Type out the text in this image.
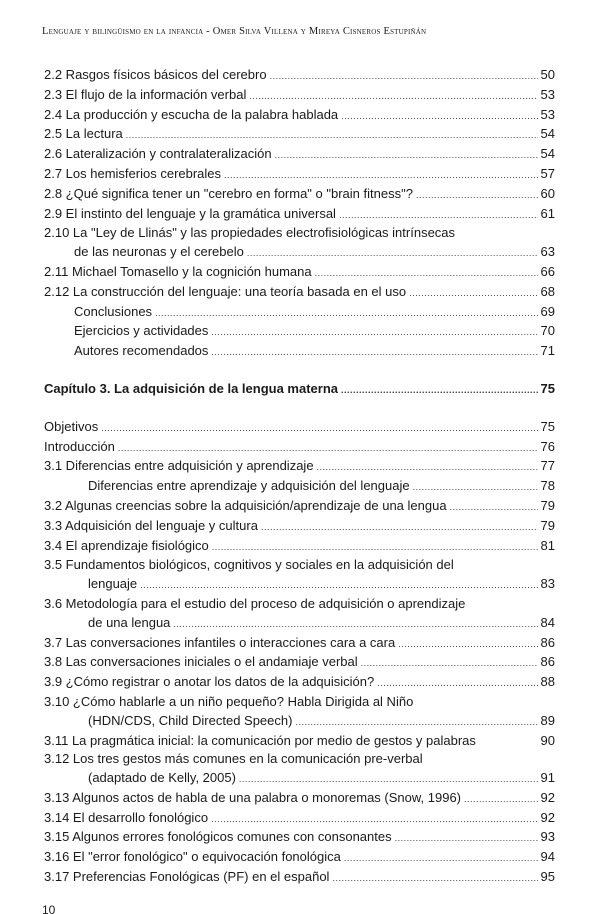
Lenguaje y bilingüismo en la infancia - Omer Silva Villena y Mireya Cisneros Estupiñán
2.2 Rasgos físicos básicos del cerebro .....	50
2.3 El flujo de la información verbal .....	53
2.4 La producción y escucha de la palabra hablada .....	53
2.5 La lectura .....	54
2.6 Lateralización y contralateralización .....	54
2.7 Los hemisferios cerebrales .....	57
2.8 ¿Qué significa tener un "cerebro en forma" o "brain fitness"? .....	60
2.9 El instinto del lenguaje y la gramática universal .....	61
2.10 La "Ley de Llinás" y las propiedades electrofisiológicas intrínsecas
de las neuronas y el cerebelo .....	63
2.11 Michael Tomasello y la cognición humana .....	66
2.12 La construcción del lenguaje: una teoría basada en el uso .....	68
Conclusiones .....	69
Ejercicios y actividades .....	70
Autores recomendados .....	71
Capítulo 3. La adquisición de la lengua materna .....	75
Objetivos .....	75
Introducción .....	76
3.1 Diferencias entre adquisición y aprendizaje .....	77
Diferencias entre aprendizaje y adquisición del lenguaje .....	78
3.2 Algunas creencias sobre la adquisición/aprendizaje de una lengua .....	79
3.3 Adquisición del lenguaje y cultura .....	79
3.4 El aprendizaje fisiológico .....	81
3.5 Fundamentos biológicos, cognitivos y sociales en la adquisición del
lenguaje .....	83
3.6 Metodología para el estudio del proceso de adquisición o aprendizaje
de una lengua .....	84
3.7 Las conversaciones infantiles o interacciones cara a cara .....	86
3.8 Las conversaciones iniciales o el andamiaje verbal .....	86
3.9 ¿Cómo registrar o anotar los datos de la adquisición? .....	88
3.10 ¿Cómo hablarle a un niño pequeño? Habla Dirigida al Niño
(HDN/CDS, Child Directed Speech) .....	89
3.11 La pragmática inicial: la comunicación por medio de gestos y palabras	90
3.12 Los tres gestos más comunes en la comunicación pre-verbal
(adaptado de Kelly, 2005) .....	91
3.13 Algunos actos de habla de una palabra o monoremas (Snow, 1996) .....	92
3.14 El desarrollo fonológico .....	92
3.15 Algunos errores fonológicos comunes con consonantes .....	93
3.16 El "error fonológico" o equivocación fonológica .....	94
3.17 Preferencias Fonológicas (PF) en el español .....	95
10
